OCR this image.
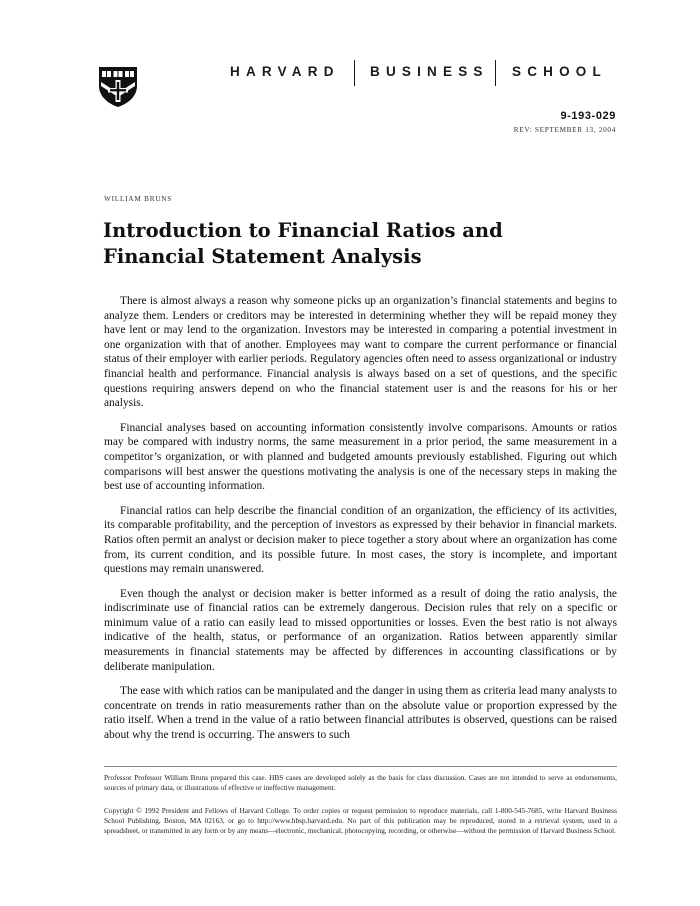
HARVARD BUSINESS SCHOOL
9-193-029
REV: SEPTEMBER 13, 2004
WILLIAM BRUNS
Introduction to Financial Ratios and Financial Statement Analysis

There is almost always a reason why someone picks up an organization’s financial statements and begins to analyze them. Lenders or creditors may be interested in determining whether they will be repaid money they have lent or may lend to the organization. Investors may be interested in comparing a potential investment in one organization with that of another. Employees may want to compare the current performance or financial status of their employer with earlier periods. Regulatory agencies often need to assess organizational or industry financial health and performance. Financial analysis is always based on a set of questions, and the specific questions requiring answers depend on who the financial statement user is and the reasons for his or her analysis.

Financial analyses based on accounting information consistently involve comparisons. Amounts or ratios may be compared with industry norms, the same measurement in a prior period, the same measurement in a competitor’s organization, or with planned and budgeted amounts previously established. Figuring out which comparisons will best answer the questions motivating the analysis is one of the necessary steps in making the best use of accounting information.

Financial ratios can help describe the financial condition of an organization, the efficiency of its activities, its comparable profitability, and the perception of investors as expressed by their behavior in financial markets. Ratios often permit an analyst or decision maker to piece together a story about where an organization has come from, its current condition, and its possible future. In most cases, the story is incomplete, and important questions may remain unanswered.

Even though the analyst or decision maker is better informed as a result of doing the ratio analysis, the indiscriminate use of financial ratios can be extremely dangerous. Decision rules that rely on a specific or minimum value of a ratio can easily lead to missed opportunities or losses. Even the best ratio is not always indicative of the health, status, or performance of an organization. Ratios between apparently similar measurements in financial statements may be affected by differences in accounting classifications or by deliberate manipulation.

The ease with which ratios can be manipulated and the danger in using them as criteria lead many analysts to concentrate on trends in ratio measurements rather than on the absolute value or proportion expressed by the ratio itself. When a trend in the value of a ratio between financial attributes is observed, questions can be raised about why the trend is occurring. The answers to such

Professor Professor William Bruns prepared this case. HBS cases are developed solely as the basis for class discussion. Cases are not intended to serve as endorsements, sources of primary data, or illustrations of effective or ineffective management.

Copyright © 1992 President and Fellows of Harvard College. To order copies or request permission to reproduce materials, call 1-800-545-7685, write Harvard Business School Publishing, Boston, MA 02163, or go to http://www.hbsp.harvard.edu. No part of this publication may be reproduced, stored in a retrieval system, used in a spreadsheet, or transmitted in any form or by any means—electronic, mechanical, photocopying, recording, or otherwise—without the permission of Harvard Business School.
